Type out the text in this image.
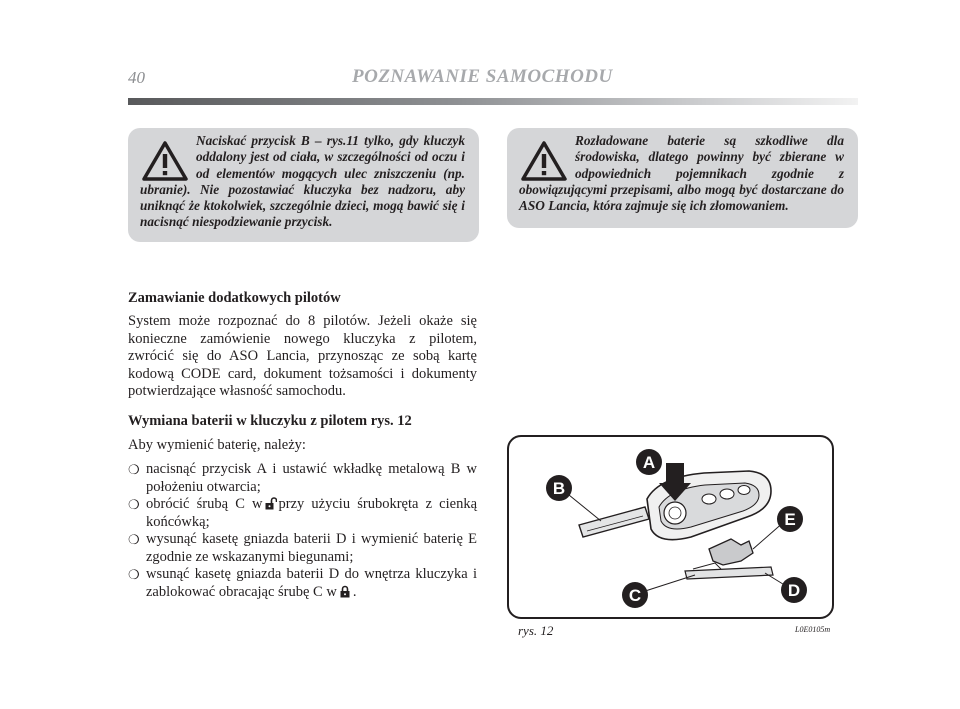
40	POZNAWANIE SAMOCHODU
Naciskać przycisk B – rys.11 tylko, gdy kluczyk oddalony jest od ciała, w szczególności od oczu i od elementów mogących ulec zniszczeniu (np. ubranie). Nie pozostawiać kluczyka bez nadzoru, aby uniknąć że ktokolwiek, szczególnie dzieci, mogą bawić się i nacisnąć niespodziewanie przycisk.
Rozładowane baterie są szkodliwe dla środowiska, dlatego powinny być zbierane w odpowiednich pojemnikach zgodnie z obowiązującymi przepisami, albo mogą być dostarczane do ASO Lancia, która zajmuje się ich złomowaniem.
Zamawianie dodatkowych pilotów
System może rozpoznać do 8 pilotów. Jeżeli okaże się konieczne zamówienie nowego kluczyka z pilotem, zwrócić się do ASO Lancia, przynosząc ze sobą kartę kodową CODE card, dokument tożsamości i dokumenty potwierdzające własność samochodu.
Wymiana baterii w kluczyku z pilotem rys. 12
Aby wymienić baterię, należy:
❍ nacisnąć przycisk A i ustawić wkładkę metalową B w położeniu otwarcia;
❍ obrócić śrubą C w przy użyciu śrubokręta z cienką końcówką;
❍ wysunąć kasetę gniazda baterii D i wymienić baterię E zgodnie ze wskazanymi biegunami;
❍ wsunąć kasetę gniazda baterii D do wnętrza kluczyka i zablokować obracając śrubę C w .
A
B
E
C	D
rys. 12	L0E0105m
